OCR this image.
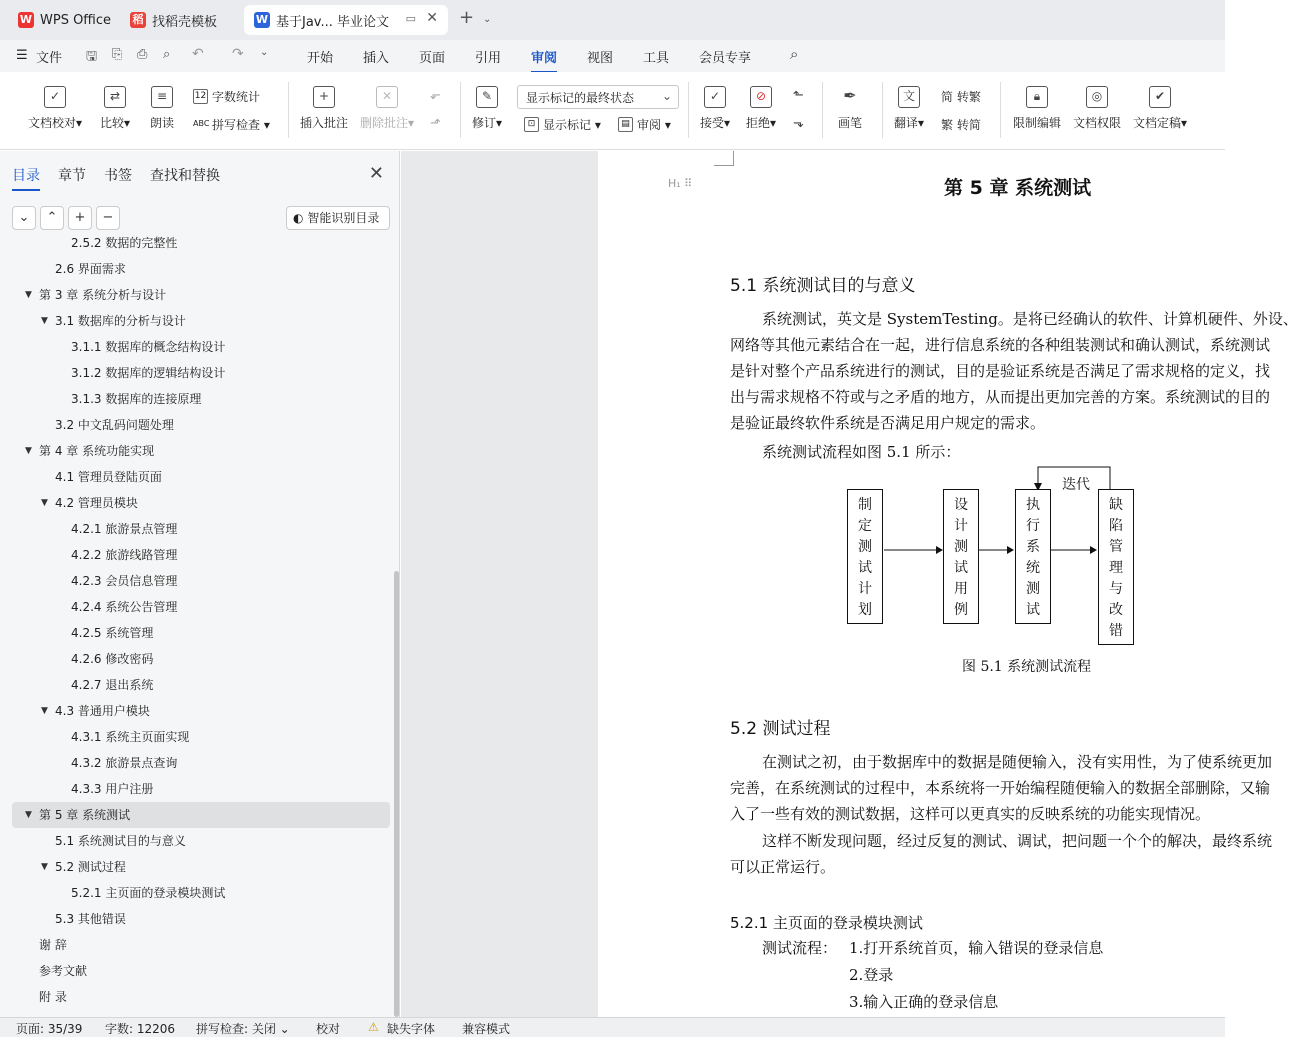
W WPS Office 稻 找稻壳模板	W 基于Jav... 毕业论文 ▭ ✕ + ⌄
☰ 文件 🖫 ⎘ ⎙ ⌕ ↶ ↷ ⌄	开始 插入 页面 引用 审阅 视图 工具 会员专享	⌕
✓
文档校对▾
⇄
比较▾
≡
朗读
12 字数统计
ABC 拼写检查 ▾
+
插入批注
✕
删除批注▾
⬐
⬏
✎
修订▾
显示标记的最终状态 ⌄
⊡ 显示标记 ▾	▤ 审阅 ▾
✓
接受▾
⊘
拒绝▾
⬑
⬎
✒
画笔
文
翻译▾
简 转繁
繁 转简
🔒︎
限制编辑
◎
文档权限
✔
文档定稿▾
目录 章节 书签 查找和替换	✕
⌄	⌃	+	−	◐ 智能识别目录
2.5.2 数据的完整性
2.6 界面需求
▼ 第 3 章 系统分析与设计
▼ 3.1 数据库的分析与设计
3.1.1 数据库的概念结构设计
3.1.2 数据库的逻辑结构设计
3.1.3 数据库的连接原理
3.2 中文乱码问题处理
▼ 第 4 章 系统功能实现
4.1 管理员登陆页面
▼ 4.2 管理员模块
4.2.1 旅游景点管理
4.2.2 旅游线路管理
4.2.3 会员信息管理
4.2.4 系统公告管理
4.2.5 系统管理
4.2.6 修改密码
4.2.7 退出系统
▼ 4.3 普通用户模块
4.3.1 系统主页面实现
4.3.2 旅游景点查询
4.3.3 用户注册
▼ 第 5 章 系统测试
5.1 系统测试目的与意义
▼ 5.2 测试过程
5.2.1 主页面的登录模块测试
5.3 其他错误
谢 辞
参考文献
附 录
H₁ ⠿	第 5 章 系统测试
5.1 系统测试目的与意义
系统测试，英文是 SystemTesting。是将已经确认的软件、计算机硬件、外设、
网络等其他元素结合在一起，进行信息系统的各种组装测试和确认测试，系统测试
是针对整个产品系统进行的测试，目的是验证系统是否满足了需求规格的定义，找
出与需求规格不符或与之矛盾的地方，从而提出更加完善的方案。系统测试的目的
是验证最终软件系统是否满足用户规定的需求。
系统测试流程如图 5.1 所示：
制
定
测
试
计
划
设
计
测
试
用
例
执
行
系
统
测
试
缺
陷
管
理
与
改
错
迭代
图 5.1 系统测试流程
5.2 测试过程
在测试之初，由于数据库中的数据是随便输入，没有实用性，为了使系统更加
完善，在系统测试的过程中，本系统将一开始编程随便输入的数据全部删除，又输
入了一些有效的测试数据，这样可以更真实的反映系统的功能实现情况。
这样不断发现问题，经过反复的测试、调试，把问题一个个的解决，最终系统
可以正常运行。
5.2.1 主页面的登录模块测试
测试流程： 1.打开系统首页，输入错误的登录信息
2.登录
3.输入正确的登录信息
页面: 35/39 字数: 12206 拼写检查: 关闭 ⌄ 校对 ⚠ 缺失字体 兼容模式
